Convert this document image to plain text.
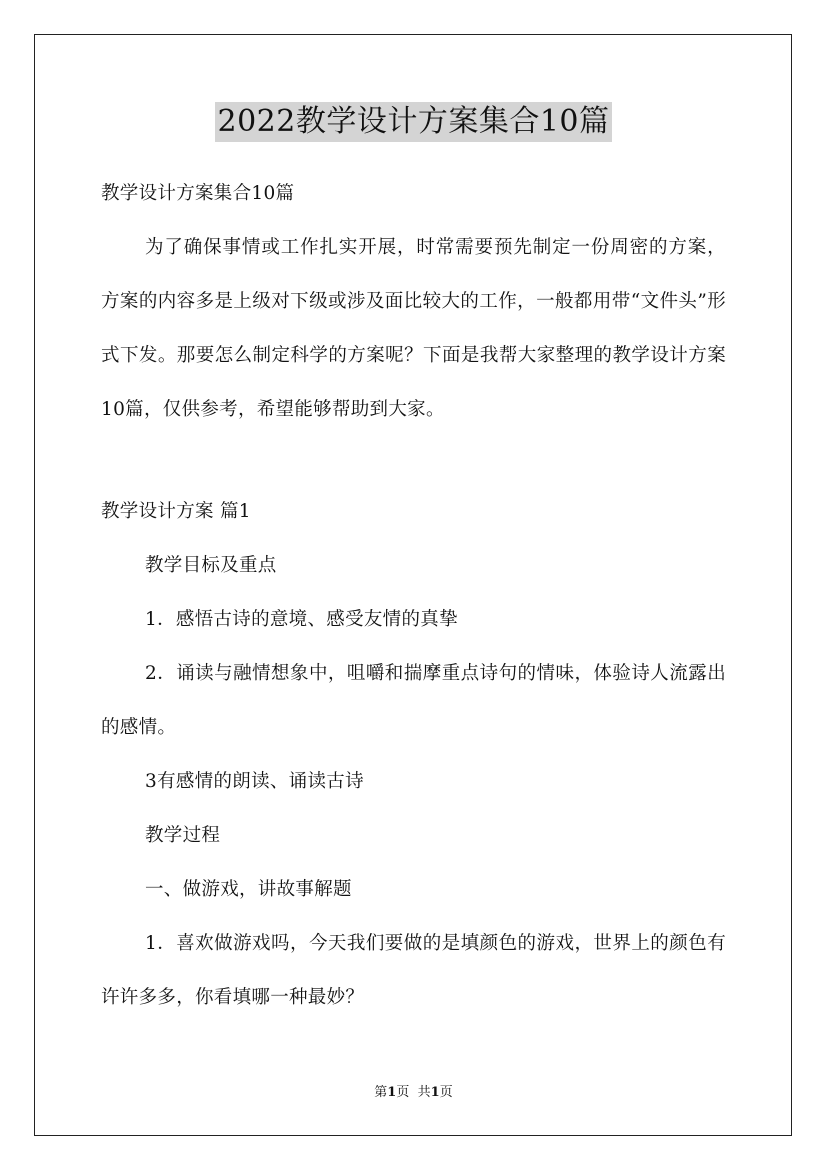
2022教学设计方案集合10篇

教学设计方案集合10篇

为了确保事情或工作扎实开展，时常需要预先制定一份周密的方案，方案的内容多是上级对下级或涉及面比较大的工作，一般都用带“文件头”形式下发。那要怎么制定科学的方案呢？下面是我帮大家整理的教学设计方案10篇，仅供参考，希望能够帮助到大家。

教学设计方案 篇1

教学目标及重点

1．感悟古诗的意境、感受友情的真挚

2．诵读与融情想象中，咀嚼和揣摩重点诗句的情味，体验诗人流露出的感情。

3有感情的朗读、诵读古诗

教学过程

一、做游戏，讲故事解题

1．喜欢做游戏吗，今天我们要做的是填颜色的游戏，世界上的颜色有许许多多，你看填哪一种最妙？

第1页 共1页
